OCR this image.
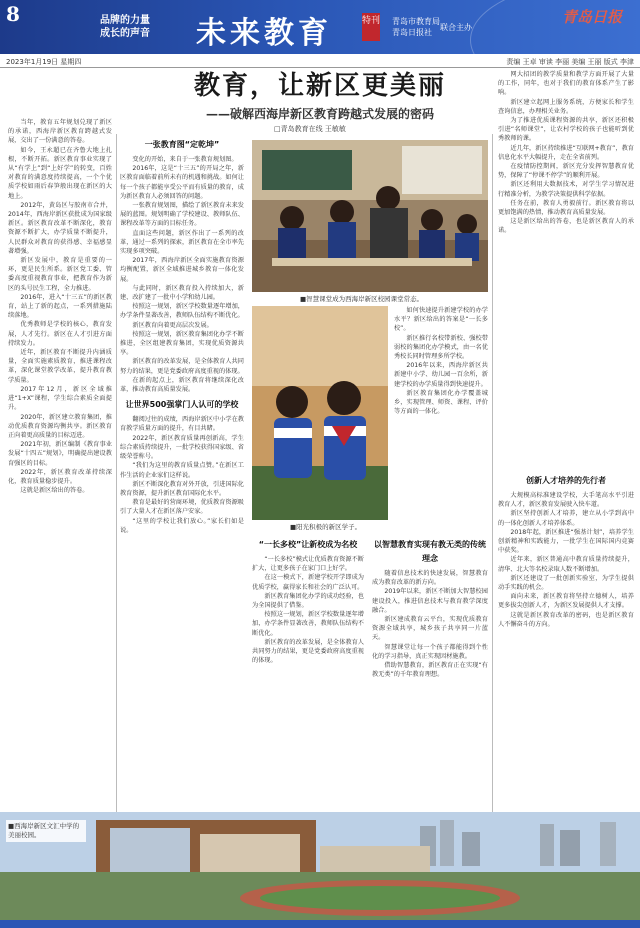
8	品牌的力量
成长的声音 未来教育	特刊 青岛市教育局
青岛日报社
联合主办
青岛日报
2023年1月19日 星期四	责编 王卓 审读 李丽 美编 王丽 版式 李津
教育，让新区更美丽
——破解西海岸新区教育跨越式发展的密码
□青岛教育在线 王敏敏

当年，教育五年规划兑现了新区的承诺，西海岸新区教育跨越式发展，交出了一份满意的答卷。

如今，王永超已在齐鲁大地上扎根，不断开拓。新区教育事业实现了从“有学上”到“上好学”的转变，百姓对教育的满意度持续提高，一个个优质学校如雨后春笋般出现在新区的大地上。

2012年，黄岛区与胶南市合并，2014年，西海岸新区获批成为国家级新区。新区教育改革不断深化，教育资源不断扩大，办学质量不断提升，人民群众对教育的获得感、幸福感显著增强。

新区发展中，教育是重要的一环，更是民生所系。新区党工委、管委高度重视教育事业，把教育作为新区的头号民生工程，全力推进。

2016年，进入“十三五”的新区教育，站上了新的起点，一系列措施陆续落地。

优秀教师是学校的核心，教育发展，人才先行。新区在人才引进方面持续发力。

近年，新区教育不断提升内涵质量，全面实施素质教育，推进课程改革，深化课堂教学改革，提升教育教学质量。

2017年12月，新区全域推进“1+X”课程，学生综合素质全面提升。

2020年，新区建立教育集团，推动优质教育资源均衡共享。新区教育正向着更高质量的目标迈进。

2021年初，新区编制《教育事业发展“十四五”规划》，明确提出建设教育强区的目标。

2022年，新区教育改革持续深化，教育质量稳步提升。

这就是新区给出的答卷。

一张教育图“定乾坤”

变化的开始，来自于一张教育规划图。

2016年，这是“十三五”的开局之年，新区教育面临着前所未有的机遇和挑战。如何让每一个孩子都能享受公平而有质量的教育，成为新区教育人必须回答的问题。

一张教育规划图，描绘了新区教育未来发展的蓝图。规划明确了学校建设、教师队伍、课程改革等方面的目标任务。

直面这些问题，新区作出了一系列的改革，通过一系列的探索，新区教育在全市率先实现多项突破。

2017年，西海岸新区全面实施教育资源均衡配置，新区全域推进城乡教育一体化发展。

与此同时，新区教育投入持续加大，新建、改扩建了一批中小学和幼儿园。

按照这一规划，新区学校数量逐年增加，办学条件显著改善，教师队伍结构不断优化。

新区教育向着更高层次发展。

按照这一规划，新区教育集团化办学不断推进，全区组建教育集团，实现优质资源共享。

新区教育的改革发展，是全体教育人共同努力的结果，更是党委政府高度重视的体现。

在新的起点上，新区教育将继续深化改革，推动教育高质量发展。

让世界500强掌门人认可的学校

翻阅过往的成绩，西海岸新区中小学在教育教学质量方面的提升，有目共睹。

2022年，新区教育质量再创新高，学生综合素质持续提升，一批学校获得国家级、省级荣誉称号。

“我们为这里的教育质量点赞。”在新区工作生活的企业家们这样说。

新区不断深化教育对外开放，引进国际化教育资源，提升新区教育国际化水平。

教育是最好的营商环境，优质教育资源吸引了大量人才在新区落户安家。

“这里的学校让我们放心。”家长们如是说。

■智慧课堂成为西海岸新区校园课堂常态。
■阳光积极的新区学子。

如何快速提升新建学校的办学水平？新区给出的答案是“一长多校”。

新区推行名校带新校、强校带弱校的集团化办学模式，由一名优秀校长同时管理多所学校。

2016年以来，西海岸新区共新建中小学、幼儿园一百余所，新建学校的办学质量得到快速提升。

新区教育集团化办学覆盖城乡，实现管理、师资、课程、评价等方面的一体化。

“一长多校”让新校成为名校

“一长多校”模式让优质教育资源不断扩大，让更多孩子在家门口上好学。

在这一模式下，新建学校开学即成为优质学校，赢得家长和社会的广泛认可。

新区教育集团化办学的成功经验，也为全国提供了借鉴。

按照这一规划，新区学校数量逐年增加，办学条件显著改善，教师队伍结构不断优化。

新区教育的改革发展，是全体教育人共同努力的结果，更是党委政府高度重视的体现。

以智慧教育实现有教无类的传统理念

随着信息技术的快速发展，智慧教育成为教育改革的新方向。

2019年以来，新区不断加大智慧校园建设投入，推进信息技术与教育教学深度融合。

新区建成教育云平台，实现优质教育资源全域共享，城乡孩子共享同一片蓝天。

智慧课堂让每一个孩子都能得到个性化的学习指导，真正实现因材施教。

借助智慧教育，新区教育正在实现“有教无类”的千年教育理想。

网大招团的教学质量和教学方面开展了大量的工作，同年，也对于我们的教育体系产生了影响。

新区建立起网上服务系统，方便家长和学生查询信息，办理相关业务。

为了推进优质课程资源的共享，新区还积极引进“名师课堂”，让农村学校的孩子也能听到优秀教师的课。

近几年，新区持续推进“互联网+教育”，教育信息化水平大幅提升，走在全省前列。

在疫情防控期间，新区充分发挥智慧教育优势，保障了“停课不停学”的顺利开展。

新区还利用大数据技术，对学生学习情况进行精准分析，为教学决策提供科学依据。

任务在前，教育人勇毅前行。新区教育将以更加饱满的热情，推动教育高质量发展。

这是新区给出的答卷，也是新区教育人的承诺。

创新人才培养的先行者

大规模高标准建设学校，大手笔高水平引进教育人才，新区教育发展驶入快车道。

新区坚持创新人才培养，建立从小学到高中的一体化创新人才培养体系。

2018年起，新区推进“强基计划”，培养学生创新精神和实践能力，一批学生在国际国内竞赛中获奖。

近年来，新区普通高中教育质量持续提升，清华、北大等名校录取人数不断增加。

新区还建设了一批创新实验室，为学生提供动手实践的机会。

面向未来，新区教育将坚持立德树人，培养更多拔尖创新人才，为新区发展提供人才支撑。

这就是新区教育改革的密码，也是新区教育人不懈奋斗的方向。

■西海岸新区文汇中学的美丽校园。
